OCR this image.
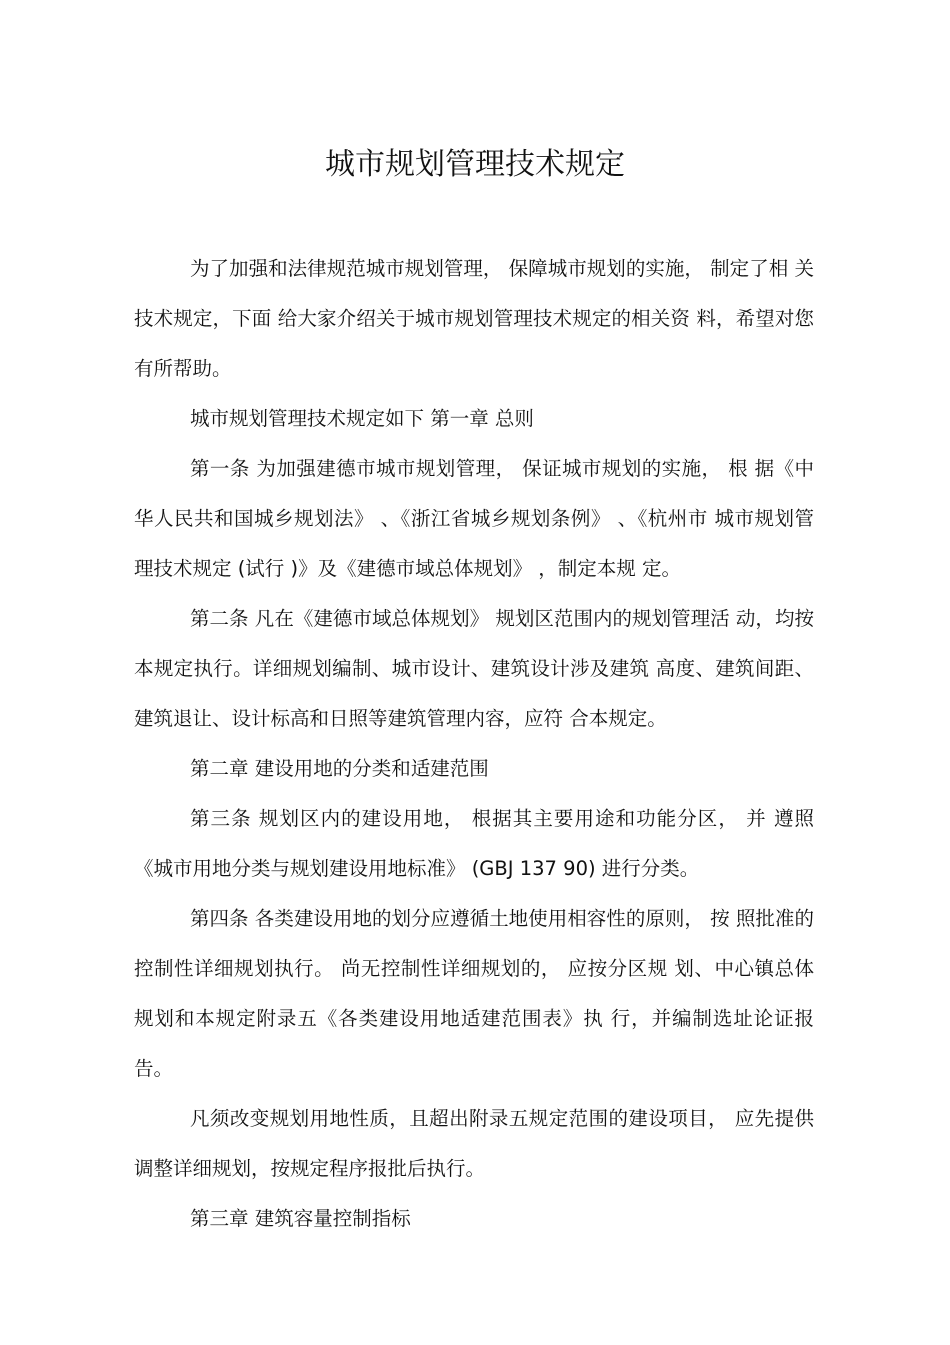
城市规划管理技术规定

为了加强和法律规范城市规划管理， 保障城市规划的实施， 制定了相 关技术规定，下面 给大家介绍关于城市规划管理技术规定的相关资 料，希望对您有所帮助。

城市规划管理技术规定如下 第一章 总则

第一条 为加强建德市城市规划管理， 保证城市规划的实施， 根 据《中华人民共和国城乡规划法》 、《浙江省城乡规划条例》 、《杭州市 城市规划管理技术规定 (试行 )》及《建德市域总体规划》 ，制定本规 定。

第二条 凡在《建德市域总体规划》 规划区范围内的规划管理活 动，均按本规定执行。详细规划编制、城市设计、建筑设计涉及建筑 高度、建筑间距、建筑退让、设计标高和日照等建筑管理内容，应符 合本规定。

第二章 建设用地的分类和适建范围

第三条 规划区内的建设用地， 根据其主要用途和功能分区， 并 遵照《城市用地分类与规划建设用地标准》 (GBJ 137 90) 进行分类。

第四条 各类建设用地的划分应遵循土地使用相容性的原则， 按 照批准的控制性详细规划执行。 尚无控制性详细规划的， 应按分区规 划、中心镇总体规划和本规定附录五《各类建设用地适建范围表》执 行，并编制选址论证报告。

凡须改变规划用地性质，且超出附录五规定范围的建设项目， 应先提供调整详细规划，按规定程序报批后执行。

第三章 建筑容量控制指标
